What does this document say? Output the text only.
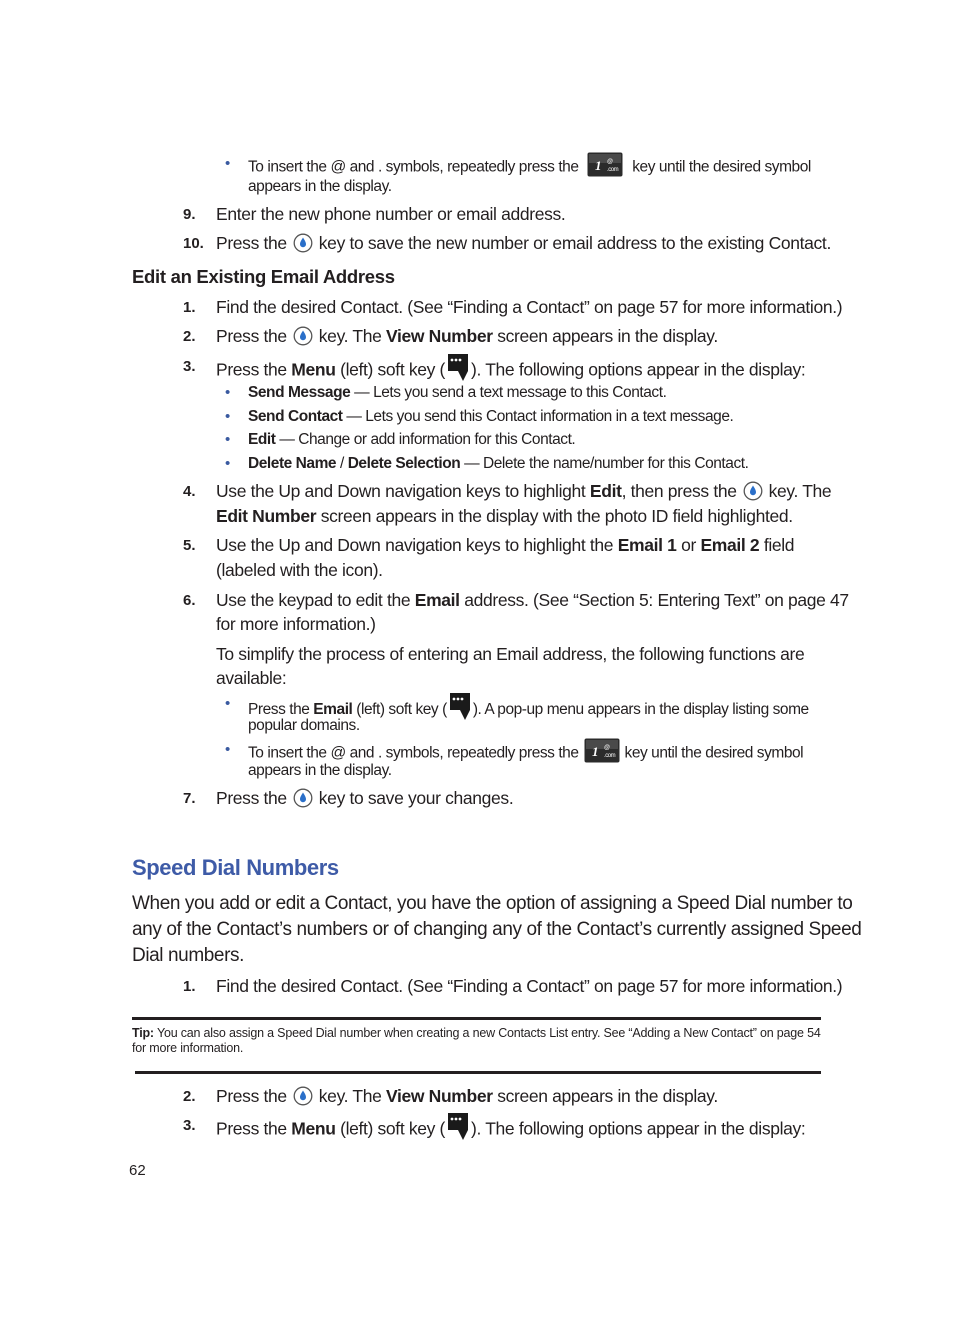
• To insert the @ and . symbols, repeatedly press the	key until the desired symbol
appears in the display.
9. Enter the new phone number or email address.
10. Press the key to save the new number or email address to the existing Contact.
Edit an Existing Email Address
1. Find the desired Contact. (See “Finding a Contact” on page 57 for more information.)
2. Press the key. The View Number screen appears in the display.
3. Press the Menu (left) soft key ( ). The following options appear in the display:
• Send Message — Lets you send a text message to this Contact.
• Send Contact — Lets you send this Contact information in a text message.
• Edit — Change or add information for this Contact.
• Delete Name / Delete Selection — Delete the name/number for this Contact.
4. Use the Up and Down navigation keys to highlight Edit, then press the key. The
Edit Number screen appears in the display with the photo ID field highlighted.
5. Use the Up and Down navigation keys to highlight the Email 1 or Email 2 field
(labeled with the icon).
6. Use the keypad to edit the Email address. (See “Section 5: Entering Text” on page 47
for more information.)
To simplify the process of entering an Email address, the following functions are
available:
• Press the Email (left) soft key ( ). A pop-up menu appears in the display listing some
popular domains.
• To insert the @ and . symbols, repeatedly press the	key until the desired symbol
appears in the display.
7. Press the key to save your changes.
Speed Dial Numbers
When you add or edit a Contact, you have the option of assigning a Speed Dial number to
any of the Contact’s numbers or of changing any of the Contact’s currently assigned Speed
Dial numbers.
1. Find the desired Contact. (See “Finding a Contact” on page 57 for more information.)
Tip: You can also assign a Speed Dial number when creating a new Contacts List entry. See “Adding a New Contact” on page 54 for more information.
2. Press the key. The View Number screen appears in the display.
3. Press the Menu (left) soft key ( ). The following options appear in the display:
62
